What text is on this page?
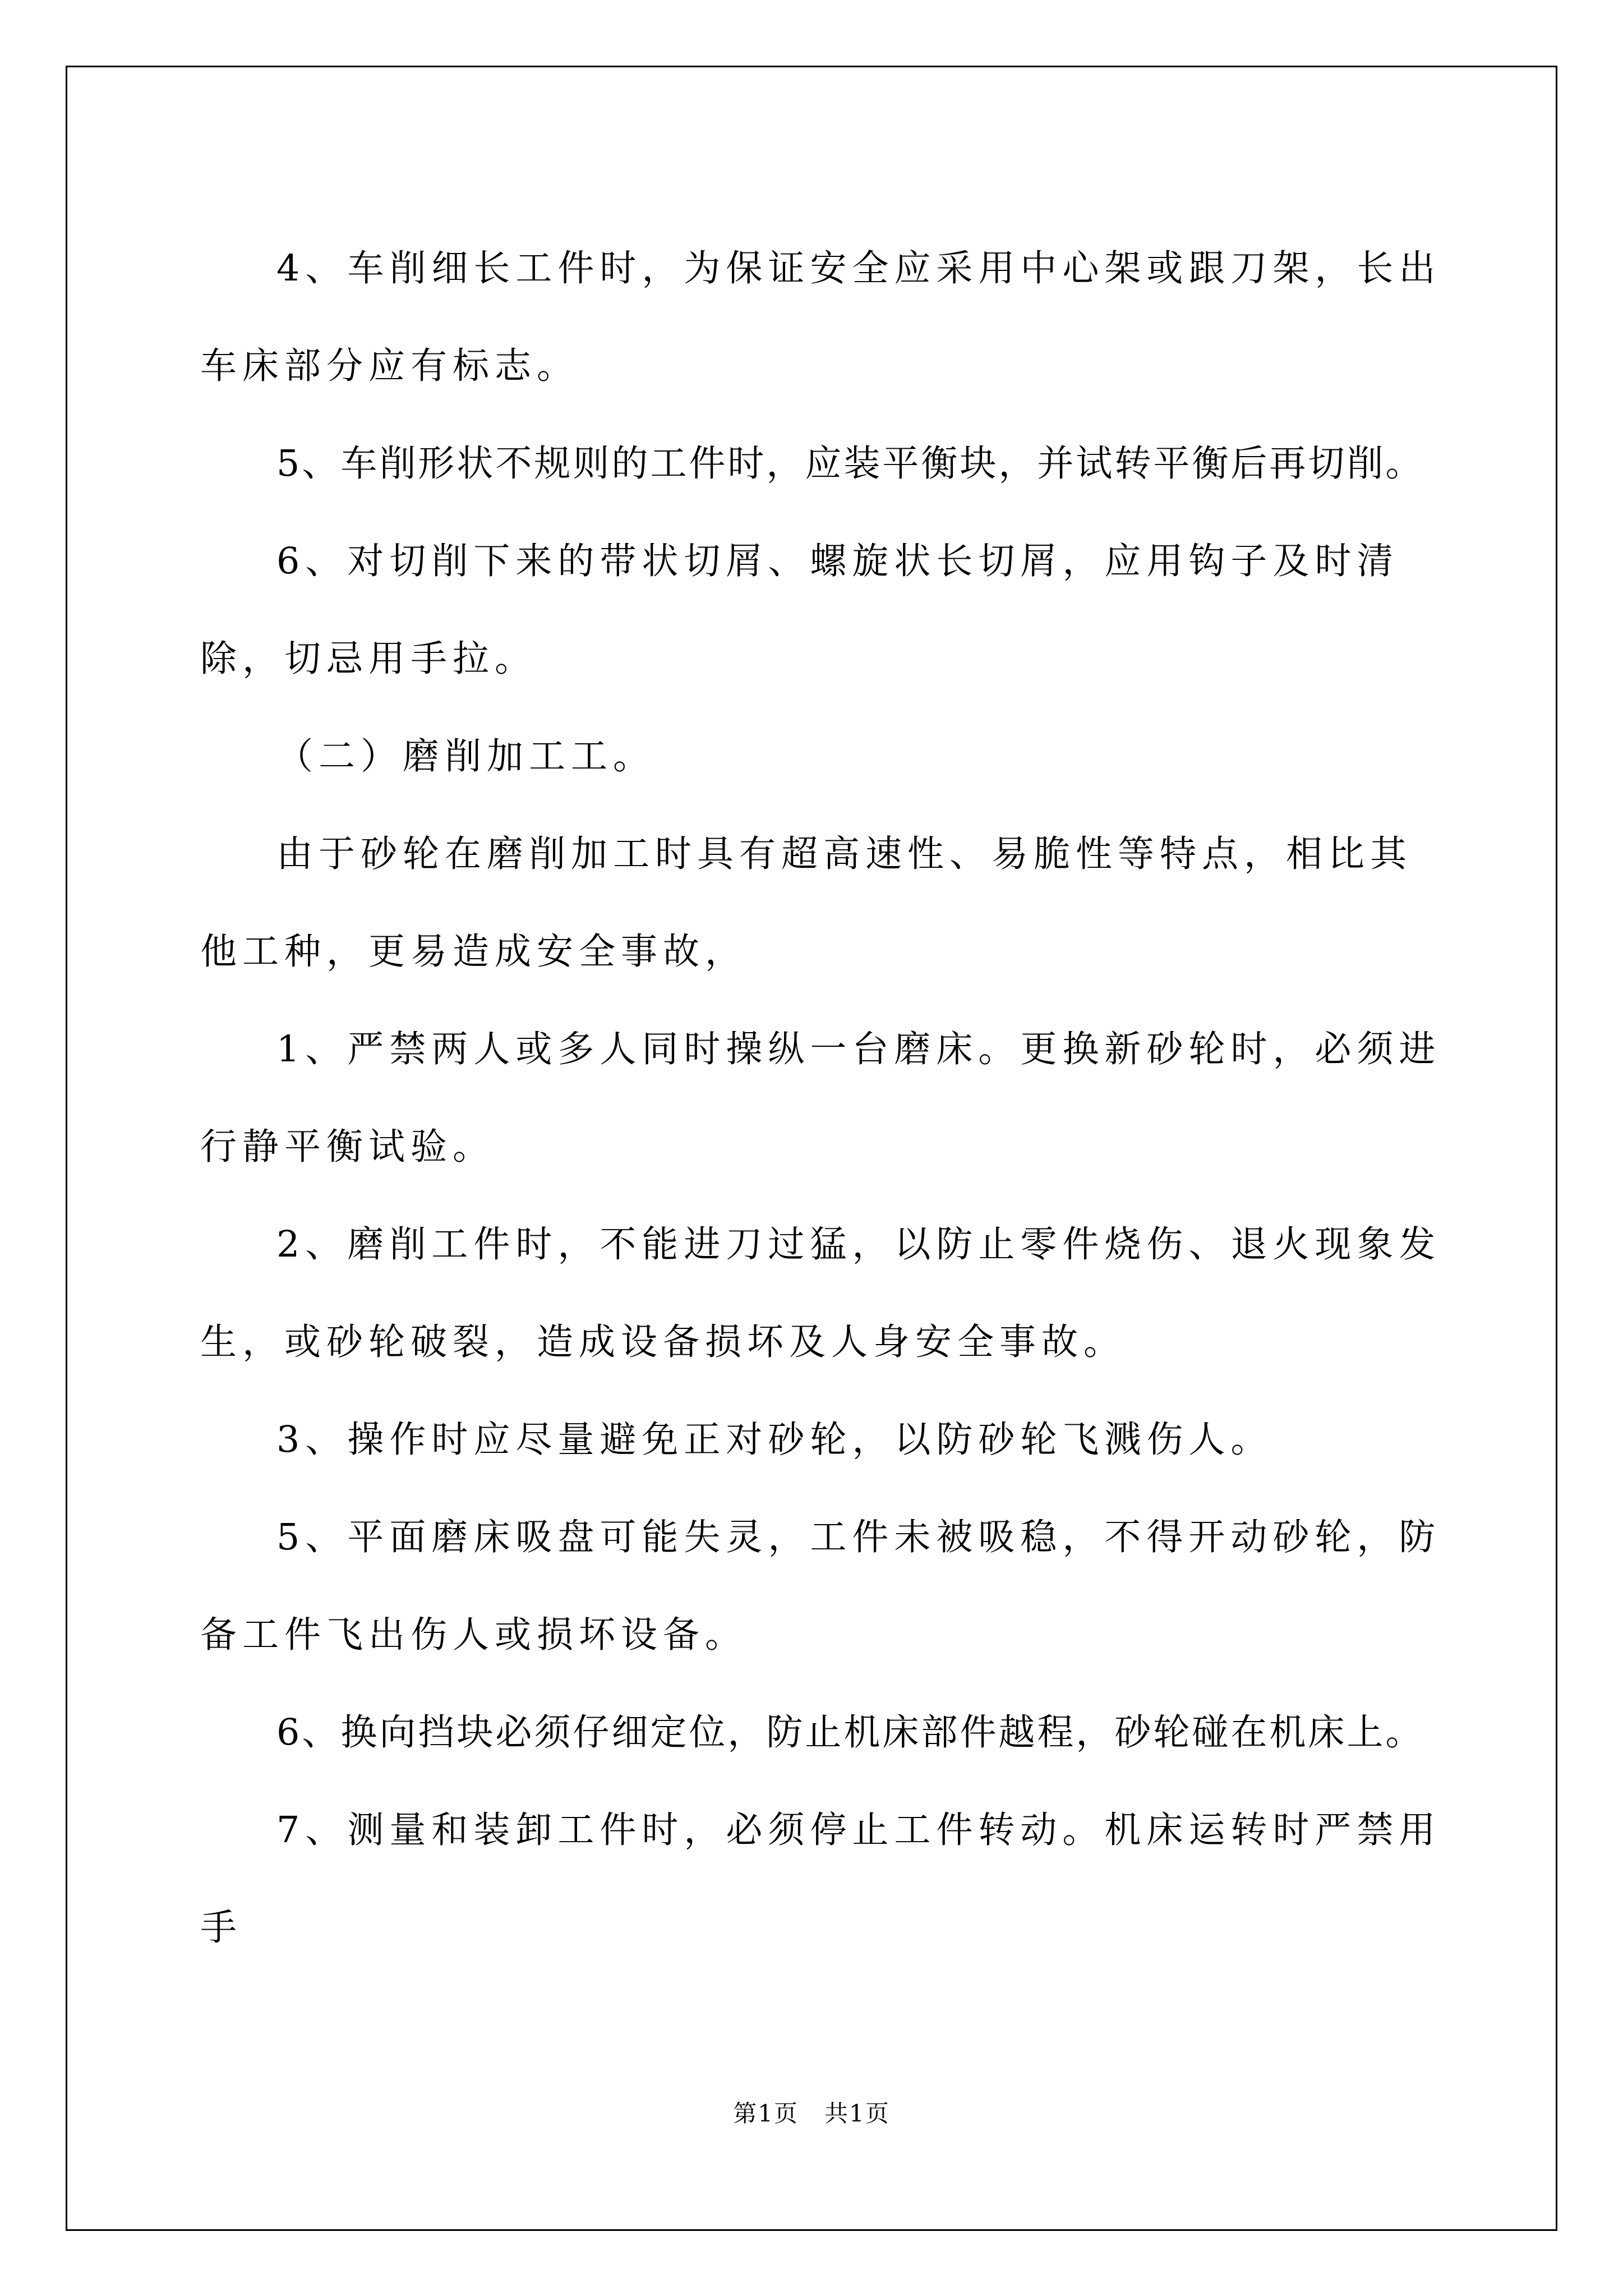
4、车削细长工件时，为保证安全应采用中心架或跟刀架，长出车床部分应有标志。

5、车削形状不规则的工件时，应装平衡块，并试转平衡后再切削。

6、对切削下来的带状切屑、螺旋状长切屑，应用钩子及时清除，切忌用手拉。

（二）磨削加工工。

由于砂轮在磨削加工时具有超高速性、易脆性等特点，相比其他工种，更易造成安全事故，

1、严禁两人或多人同时操纵一台磨床。更换新砂轮时，必须进行静平衡试验。

2、磨削工件时，不能进刀过猛，以防止零件烧伤、退火现象发生，或砂轮破裂，造成设备损坏及人身安全事故。

3、操作时应尽量避免正对砂轮，以防砂轮飞溅伤人。

5、平面磨床吸盘可能失灵，工件未被吸稳，不得开动砂轮，防备工件飞出伤人或损坏设备。

6、换向挡块必须仔细定位，防止机床部件越程，砂轮碰在机床上。

7、测量和装卸工件时，必须停止工件转动。机床运转时严禁用手

第1页 共1页
